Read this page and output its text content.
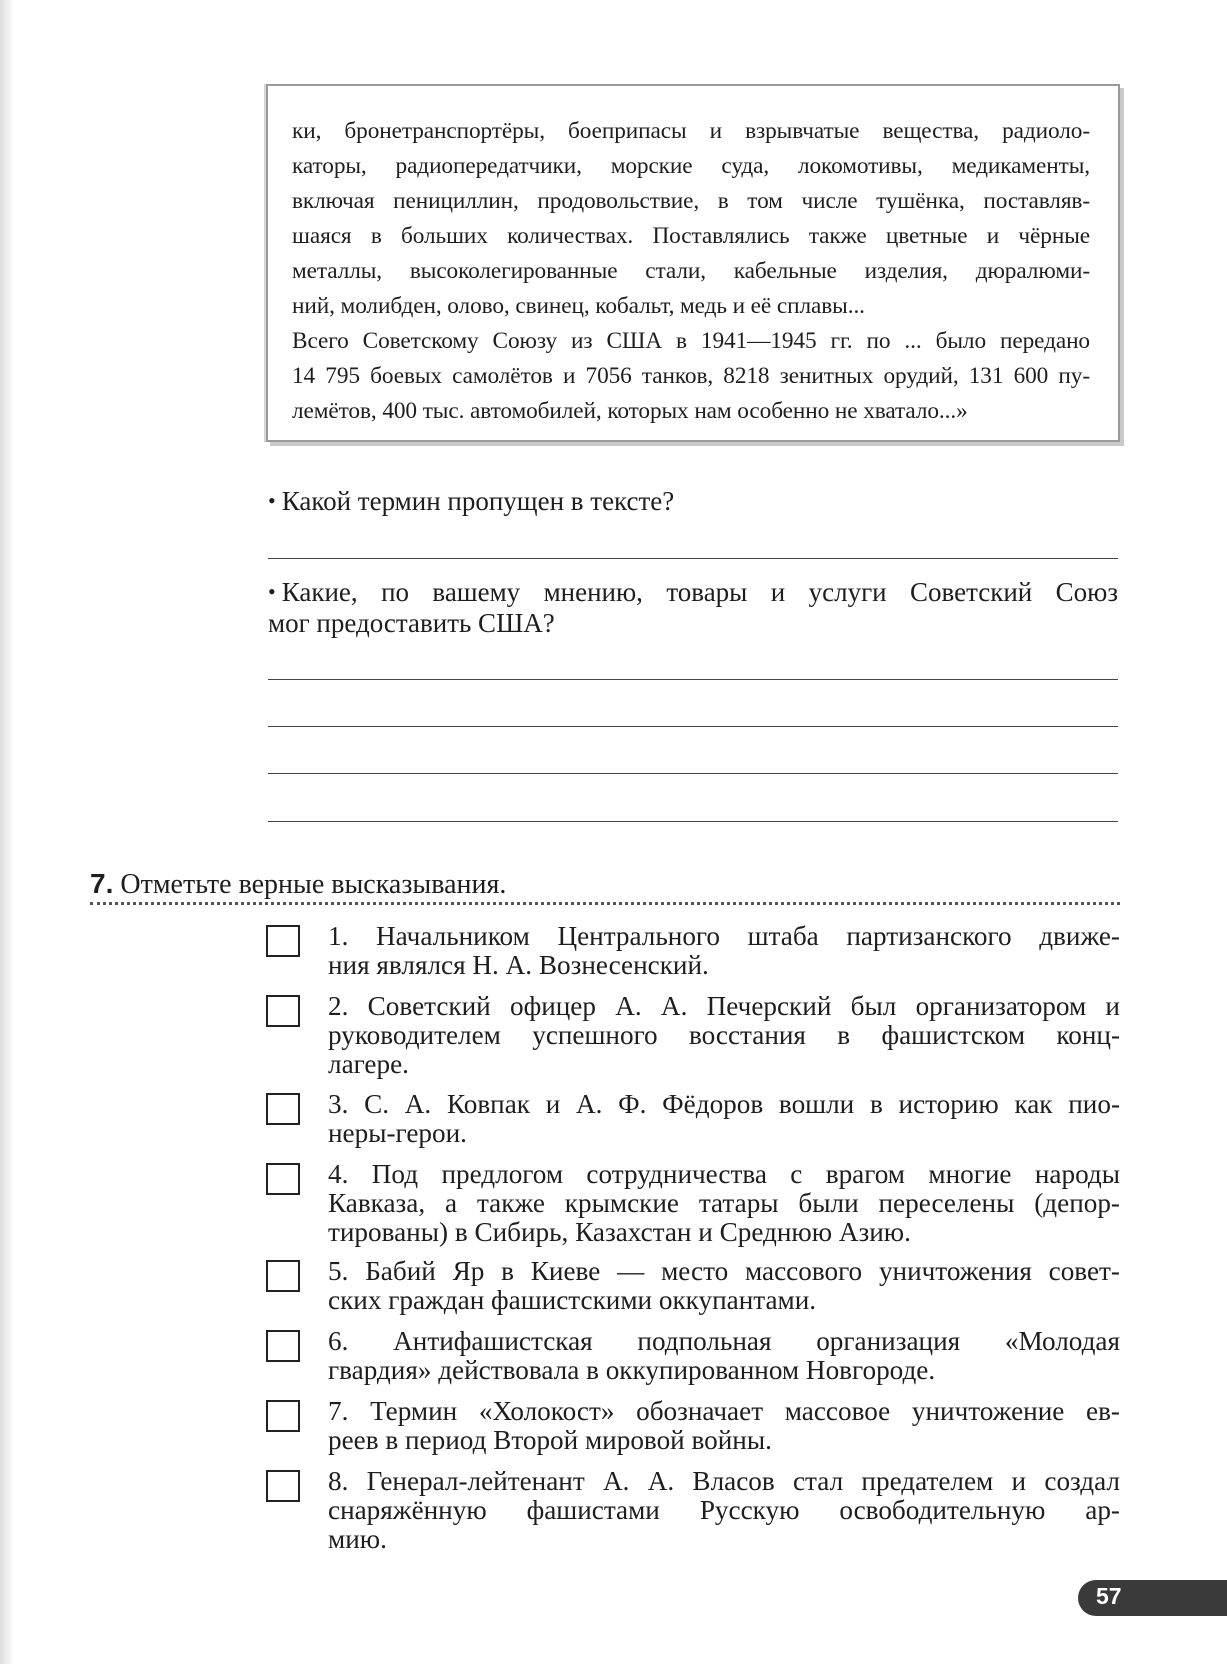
ки, бронетранспортёры, боеприпасы и взрывчатые вещества, радиоло-
каторы, радиопередатчики, морские суда, локомотивы, медикаменты,
включая пенициллин, продовольствие, в том числе тушёнка, поставляв-
шаяся в больших количествах. Поставлялись также цветные и чёрные
металлы, высоколегированные стали, кабельные изделия, дюралюми-
ний, молибден, олово, свинец, кобальт, медь и её сплавы...
Всего Советскому Союзу из США в 1941—1945 гг. по ... было передано
14 795 боевых самолётов и 7056 танков, 8218 зенитных орудий, 131 600 пу-
лемётов, 400 тыс. автомобилей, которых нам особенно не хватало...»
• Какой термин пропущен в тексте?
• Какие, по вашему мнению, товары и услуги Советский Союз
мог предоставить США?
7. Отметьте верные высказывания.
1. Начальником Центрального штаба партизанского движе-
ния являлся Н. А. Вознесенский.
2. Советский офицер А. А. Печерский был организатором и
руководителем успешного восстания в фашистском конц-
лагере.
3. С. А. Ковпак и А. Ф. Фёдоров вошли в историю как пио-
неры-герои.
4. Под предлогом сотрудничества с врагом многие народы
Кавказа, а также крымские татары были переселены (депор-
тированы) в Сибирь, Казахстан и Среднюю Азию.
5. Бабий Яр в Киеве — место массового уничтожения совет-
ских граждан фашистскими оккупантами.
6. Антифашистская подпольная организация «Молодая
гвардия» действовала в оккупированном Новгороде.
7. Термин «Холокост» обозначает массовое уничтожение ев-
реев в период Второй мировой войны.
8. Генерал-лейтенант А. А. Власов стал предателем и создал
снаряжённую фашистами Русскую освободительную ар-
мию.
57
